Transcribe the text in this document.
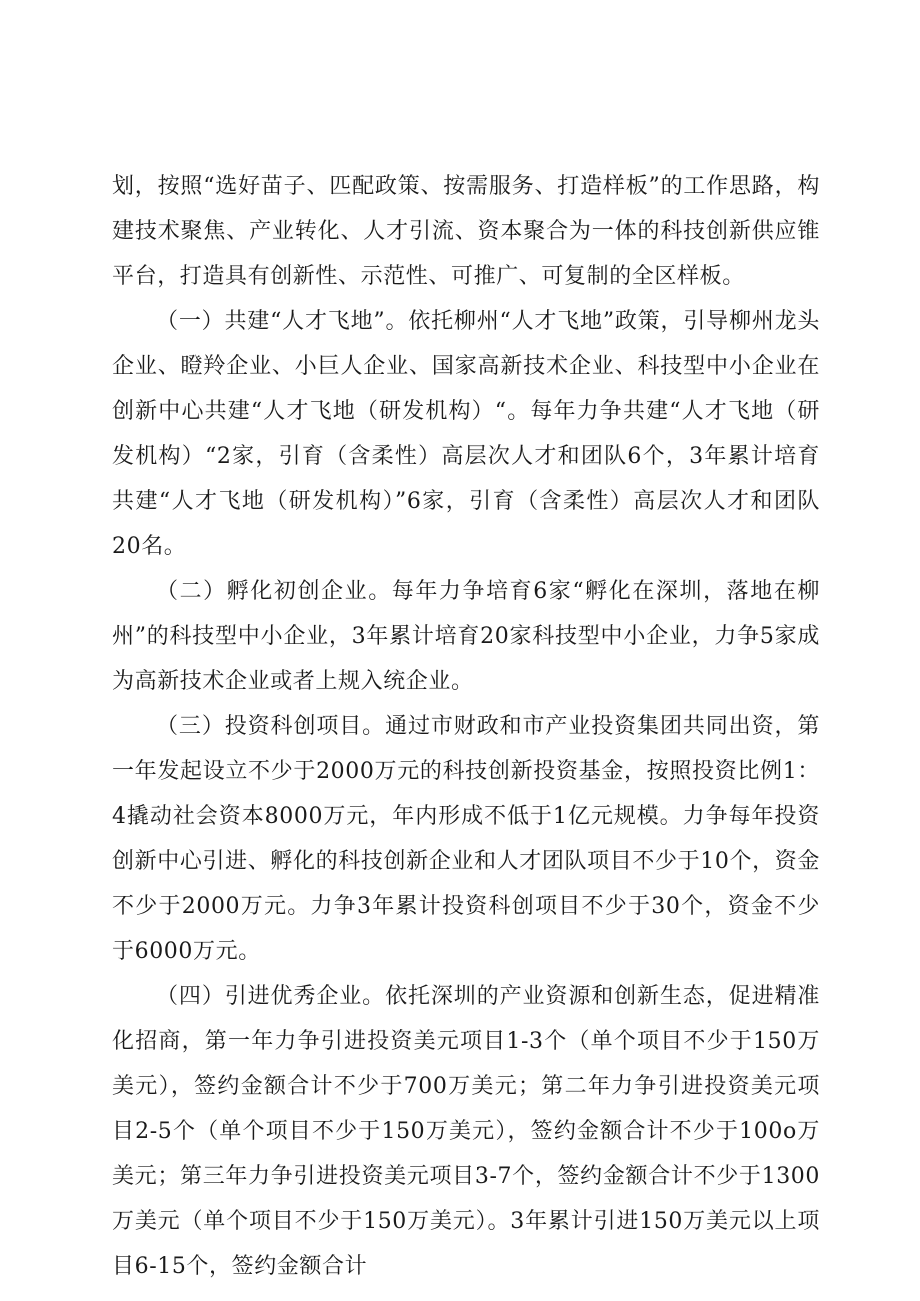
划，按照“选好苗子、匹配政策、按需服务、打造样板”的工作思路，构建技术聚焦、产业转化、人才引流、资本聚合为一体的科技创新供应锥平台，打造具有创新性、示范性、可推广、可复制的全区样板。

（一）共建“人才飞地”。依托柳州“人才飞地”政策，引导柳州龙头企业、瞪羚企业、小巨人企业、国家高新技术企业、科技型中小企业在创新中心共建“人才飞地（研发机构）“。每年力争共建“人才飞地（研发机构）“2家，引育（含柔性）高层次人才和团队6个，3年累计培育共建“人才飞地（研发机构）”6家，引育（含柔性）高层次人才和团队20名。

（二）孵化初创企业。每年力争培育6家“孵化在深圳，落地在柳州”的科技型中小企业，3年累计培育20家科技型中小企业，力争5家成为高新技术企业或者上规入统企业。

（三）投资科创项目。通过市财政和市产业投资集团共同出资，第一年发起设立不少于2000万元的科技创新投资基金，按照投资比例1：4撬动社会资本8000万元，年内形成不低于1亿元规模。力争每年投资创新中心引进、孵化的科技创新企业和人才团队项目不少于10个，资金不少于2000万元。力争3年累计投资科创项目不少于30个，资金不少于6000万元。

（四）引进优秀企业。依托深圳的产业资源和创新生态，促进精准化招商，第一年力争引进投资美元项目1-3个（单个项目不少于150万美元），签约金额合计不少于700万美元；第二年力争引进投资美元项目2-5个（单个项目不少于150万美元），签约金额合计不少于100o万美元；第三年力争引进投资美元项目3-7个，签约金额合计不少于1300万美元（单个项目不少于150万美元）。3年累计引进150万美元以上项目6-15个，签约金额合计
